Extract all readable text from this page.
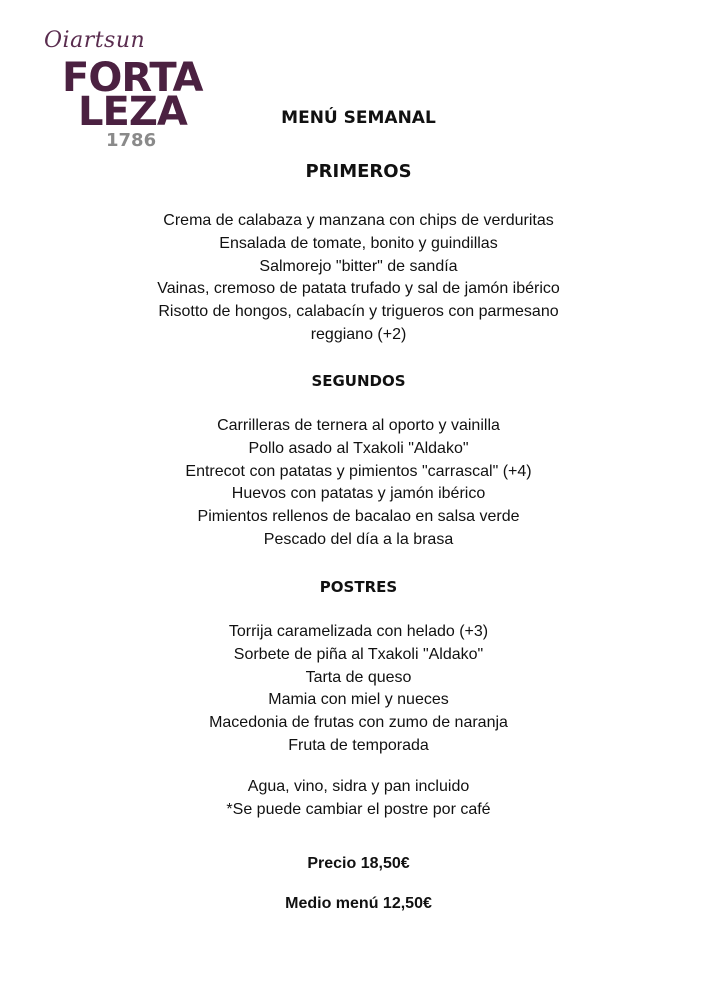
Oiartsun
FORTA
LEZA
1786
MENÚ SEMANAL
PRIMEROS
Crema de calabaza y manzana con chips de verduritas
Ensalada de tomate, bonito y guindillas
Salmorejo "bitter" de sandía
Vainas, cremoso de patata trufado y sal de jamón ibérico
Risotto de hongos, calabacín y trigueros con parmesano
reggiano (+2)
SEGUNDOS
Carrilleras de ternera al oporto y vainilla
Pollo asado al Txakoli "Aldako"
Entrecot con patatas y pimientos "carrascal" (+4)
Huevos con patatas y jamón ibérico
Pimientos rellenos de bacalao en salsa verde
Pescado del día a la brasa
POSTRES
Torrija caramelizada con helado (+3)
Sorbete de piña al Txakoli "Aldako"
Tarta de queso
Mamia con miel y nueces
Macedonia de frutas con zumo de naranja
Fruta de temporada
Agua, vino, sidra y pan incluido
*Se puede cambiar el postre por café
Precio 18,50€
Medio menú 12,50€
